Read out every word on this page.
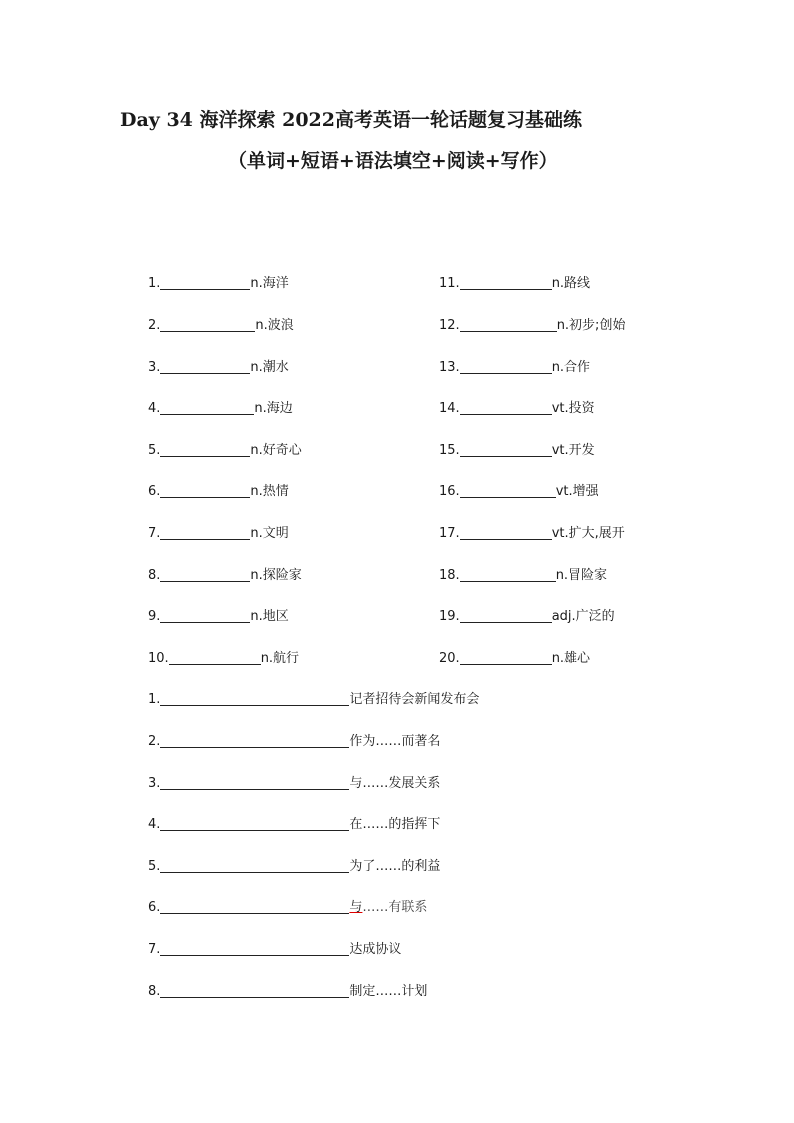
Day 34 海洋探索 2022高考英语一轮话题复习基础练
（单词+短语+语法填空+阅读+写作）
1.	n.海洋
2.	n.波浪
3.	n.潮水
4.	n.海边
5.	n.好奇心
6.	n.热情
7.	n.文明
8.	n.探险家
9.	n.地区
10.	n.航行
11.	n.路线
12.	n.初步;创始
13.	n.合作
14.	vt.投资
15.	vt.开发
16.	vt.增强
17.	vt.扩大,展开
18.	n.冒险家
19.	adj.广泛的
20.	n.雄心
1.	记者招待会新闻发布会
2.	作为……而著名
3.	与……发展关系
4.	在……的指挥下
5.	为了……的利益
6.	与 ……有联系
7.	达成协议
8.	制定……计划
